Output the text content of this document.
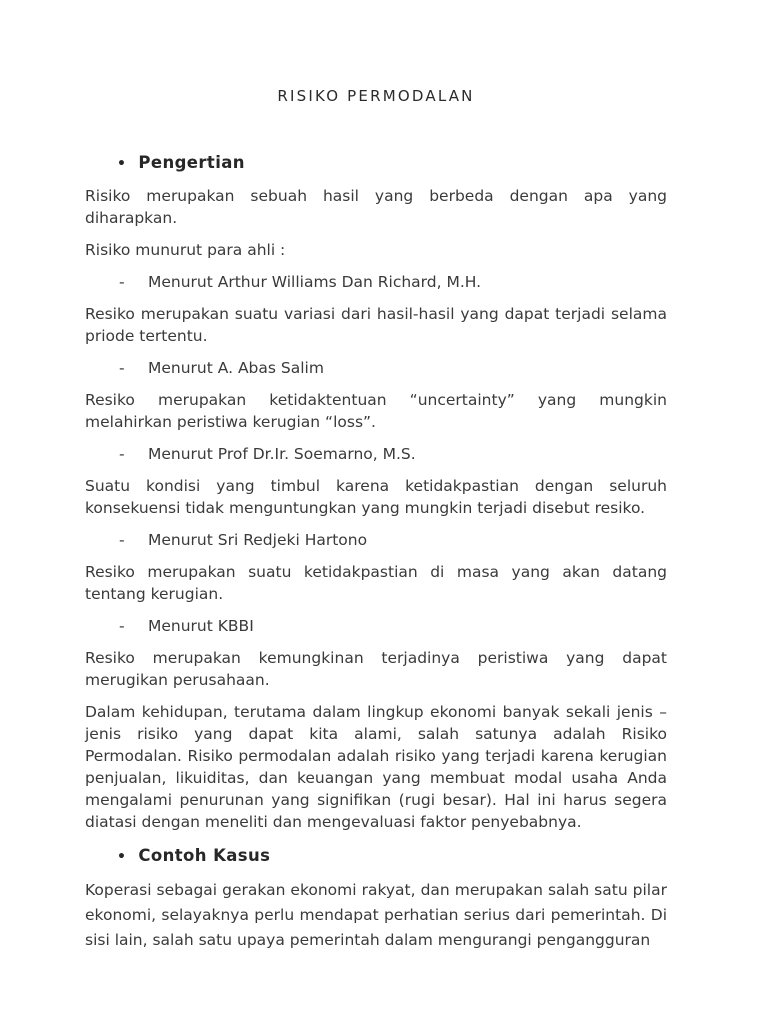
RISIKO PERMODALAN
• Pengertian

Risiko merupakan sebuah hasil yang berbeda dengan apa yang diharapkan.

Risiko munurut para ahli :

-	Menurut Arthur Williams Dan Richard, M.H.

Resiko merupakan suatu variasi dari hasil-hasil yang dapat terjadi selama priode tertentu.

-	Menurut A. Abas Salim

Resiko merupakan ketidaktentuan “uncertainty” yang mungkin melahirkan peristiwa kerugian “loss”.

-	Menurut Prof Dr.Ir. Soemarno, M.S.

Suatu kondisi yang timbul karena ketidakpastian dengan seluruh konsekuensi tidak menguntungkan yang mungkin terjadi disebut resiko.

-	Menurut Sri Redjeki Hartono

Resiko merupakan suatu ketidakpastian di masa yang akan datang tentang kerugian.

-	Menurut KBBI

Resiko merupakan kemungkinan terjadinya peristiwa yang dapat merugikan perusahaan.

Dalam kehidupan, terutama dalam lingkup ekonomi banyak sekali jenis – jenis risiko yang dapat kita alami, salah satunya adalah Risiko Permodalan. Risiko permodalan adalah risiko yang terjadi karena kerugian penjualan, likuiditas, dan keuangan yang membuat modal usaha Anda mengalami penurunan yang signifikan (rugi besar). Hal ini harus segera diatasi dengan meneliti dan mengevaluasi faktor penyebabnya.

• Contoh Kasus

Koperasi sebagai gerakan ekonomi rakyat, dan merupakan salah satu pilar ekonomi, selayaknya perlu mendapat perhatian serius dari pemerintah. Di sisi lain, salah satu upaya pemerintah dalam mengurangi pengangguran
